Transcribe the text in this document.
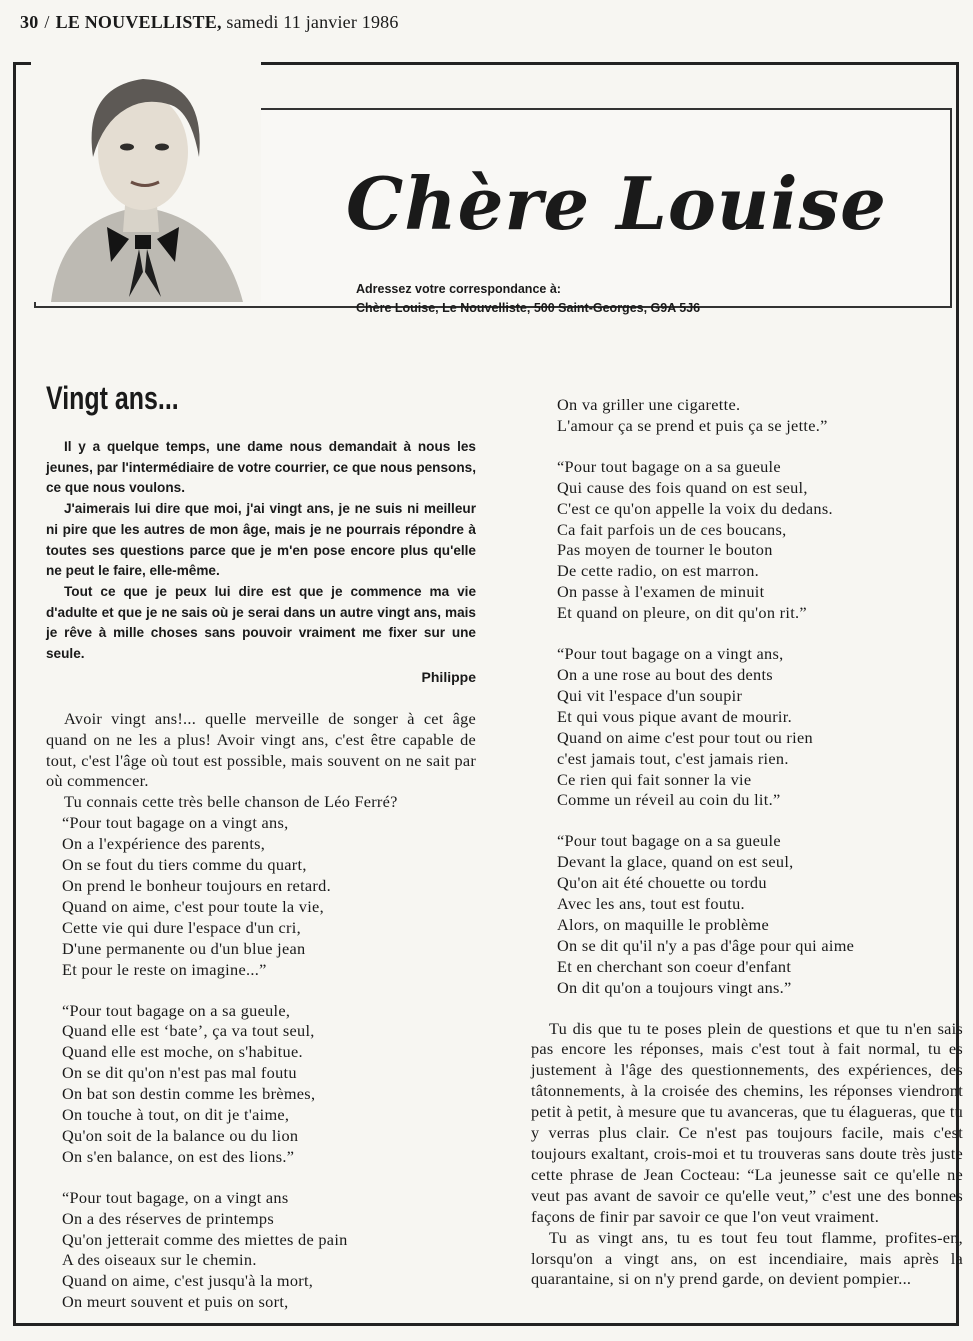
30 / LE NOUVELLISTE, samedi 11 janvier 1986
Chère Louise
Adressez votre correspondance à:
Chère Louise, Le Nouvelliste, 500 Saint-Georges, G9A 5J6
Vingt ans...

Il y a quelque temps, une dame nous demandait à nous les jeunes, par l'intermédiaire de votre courrier, ce que nous pensons, ce que nous voulons.

J'aimerais lui dire que moi, j'ai vingt ans, je ne suis ni meilleur ni pire que les autres de mon âge, mais je ne pourrais répondre à toutes ses questions parce que je m'en pose encore plus qu'elle ne peut le faire, elle-même.

Tout ce que je peux lui dire est que je commence ma vie d'adulte et que je ne sais où je serai dans un autre vingt ans, mais je rêve à mille choses sans pouvoir vraiment me fixer sur une seule.

Philippe

Avoir vingt ans!... quelle merveille de songer à cet âge quand on ne les a plus! Avoir vingt ans, c'est être capable de tout, c'est l'âge où tout est possible, mais souvent on ne sait par où commencer.

Tu connais cette très belle chanson de Léo Ferré?

“Pour tout bagage on a vingt ans,
On a l'expérience des parents,
On se fout du tiers comme du quart,
On prend le bonheur toujours en retard.
Quand on aime, c'est pour toute la vie,
Cette vie qui dure l'espace d'un cri,
D'une permanente ou d'un blue jean
Et pour le reste on imagine...”
“Pour tout bagage on a sa gueule,
Quand elle est ‘bate’, ça va tout seul,
Quand elle est moche, on s'habitue.
On se dit qu'on n'est pas mal foutu
On bat son destin comme les brèmes,
On touche à tout, on dit je t'aime,
Qu'on soit de la balance ou du lion
On s'en balance, on est des lions.”
“Pour tout bagage, on a vingt ans
On a des réserves de printemps
Qu'on jetterait comme des miettes de pain
A des oiseaux sur le chemin.
Quand on aime, c'est jusqu'à la mort,
On meurt souvent et puis on sort,
On va griller une cigarette.
L'amour ça se prend et puis ça se jette.”
“Pour tout bagage on a sa gueule
Qui cause des fois quand on est seul,
C'est ce qu'on appelle la voix du dedans.
Ca fait parfois un de ces boucans,
Pas moyen de tourner le bouton
De cette radio, on est marron.
On passe à l'examen de minuit
Et quand on pleure, on dit qu'on rit.”
“Pour tout bagage on a vingt ans,
On a une rose au bout des dents
Qui vit l'espace d'un soupir
Et qui vous pique avant de mourir.
Quand on aime c'est pour tout ou rien
c'est jamais tout, c'est jamais rien.
Ce rien qui fait sonner la vie
Comme un réveil au coin du lit.”
“Pour tout bagage on a sa gueule
Devant la glace, quand on est seul,
Qu'on ait été chouette ou tordu
Avec les ans, tout est foutu.
Alors, on maquille le problème
On se dit qu'il n'y a pas d'âge pour qui aime
Et en cherchant son coeur d'enfant
On dit qu'on a toujours vingt ans.”

Tu dis que tu te poses plein de questions et que tu n'en sais pas encore les réponses, mais c'est tout à fait normal, tu es justement à l'âge des questionnements, des expériences, des tâtonnements, à la croisée des chemins, les réponses viendront petit à petit, à mesure que tu avanceras, que tu élagueras, que tu y verras plus clair. Ce n'est pas toujours facile, mais c'est toujours exaltant, crois-moi et tu trouveras sans doute très juste cette phrase de Jean Cocteau: “La jeunesse sait ce qu'elle ne veut pas avant de savoir ce qu'elle veut,” c'est une des bonnes façons de finir par savoir ce que l'on veut vraiment.

Tu as vingt ans, tu es tout feu tout flamme, profites-en, lorsqu'on a vingt ans, on est incendiaire, mais après la quarantaine, si on n'y prend garde, on devient pompier...
